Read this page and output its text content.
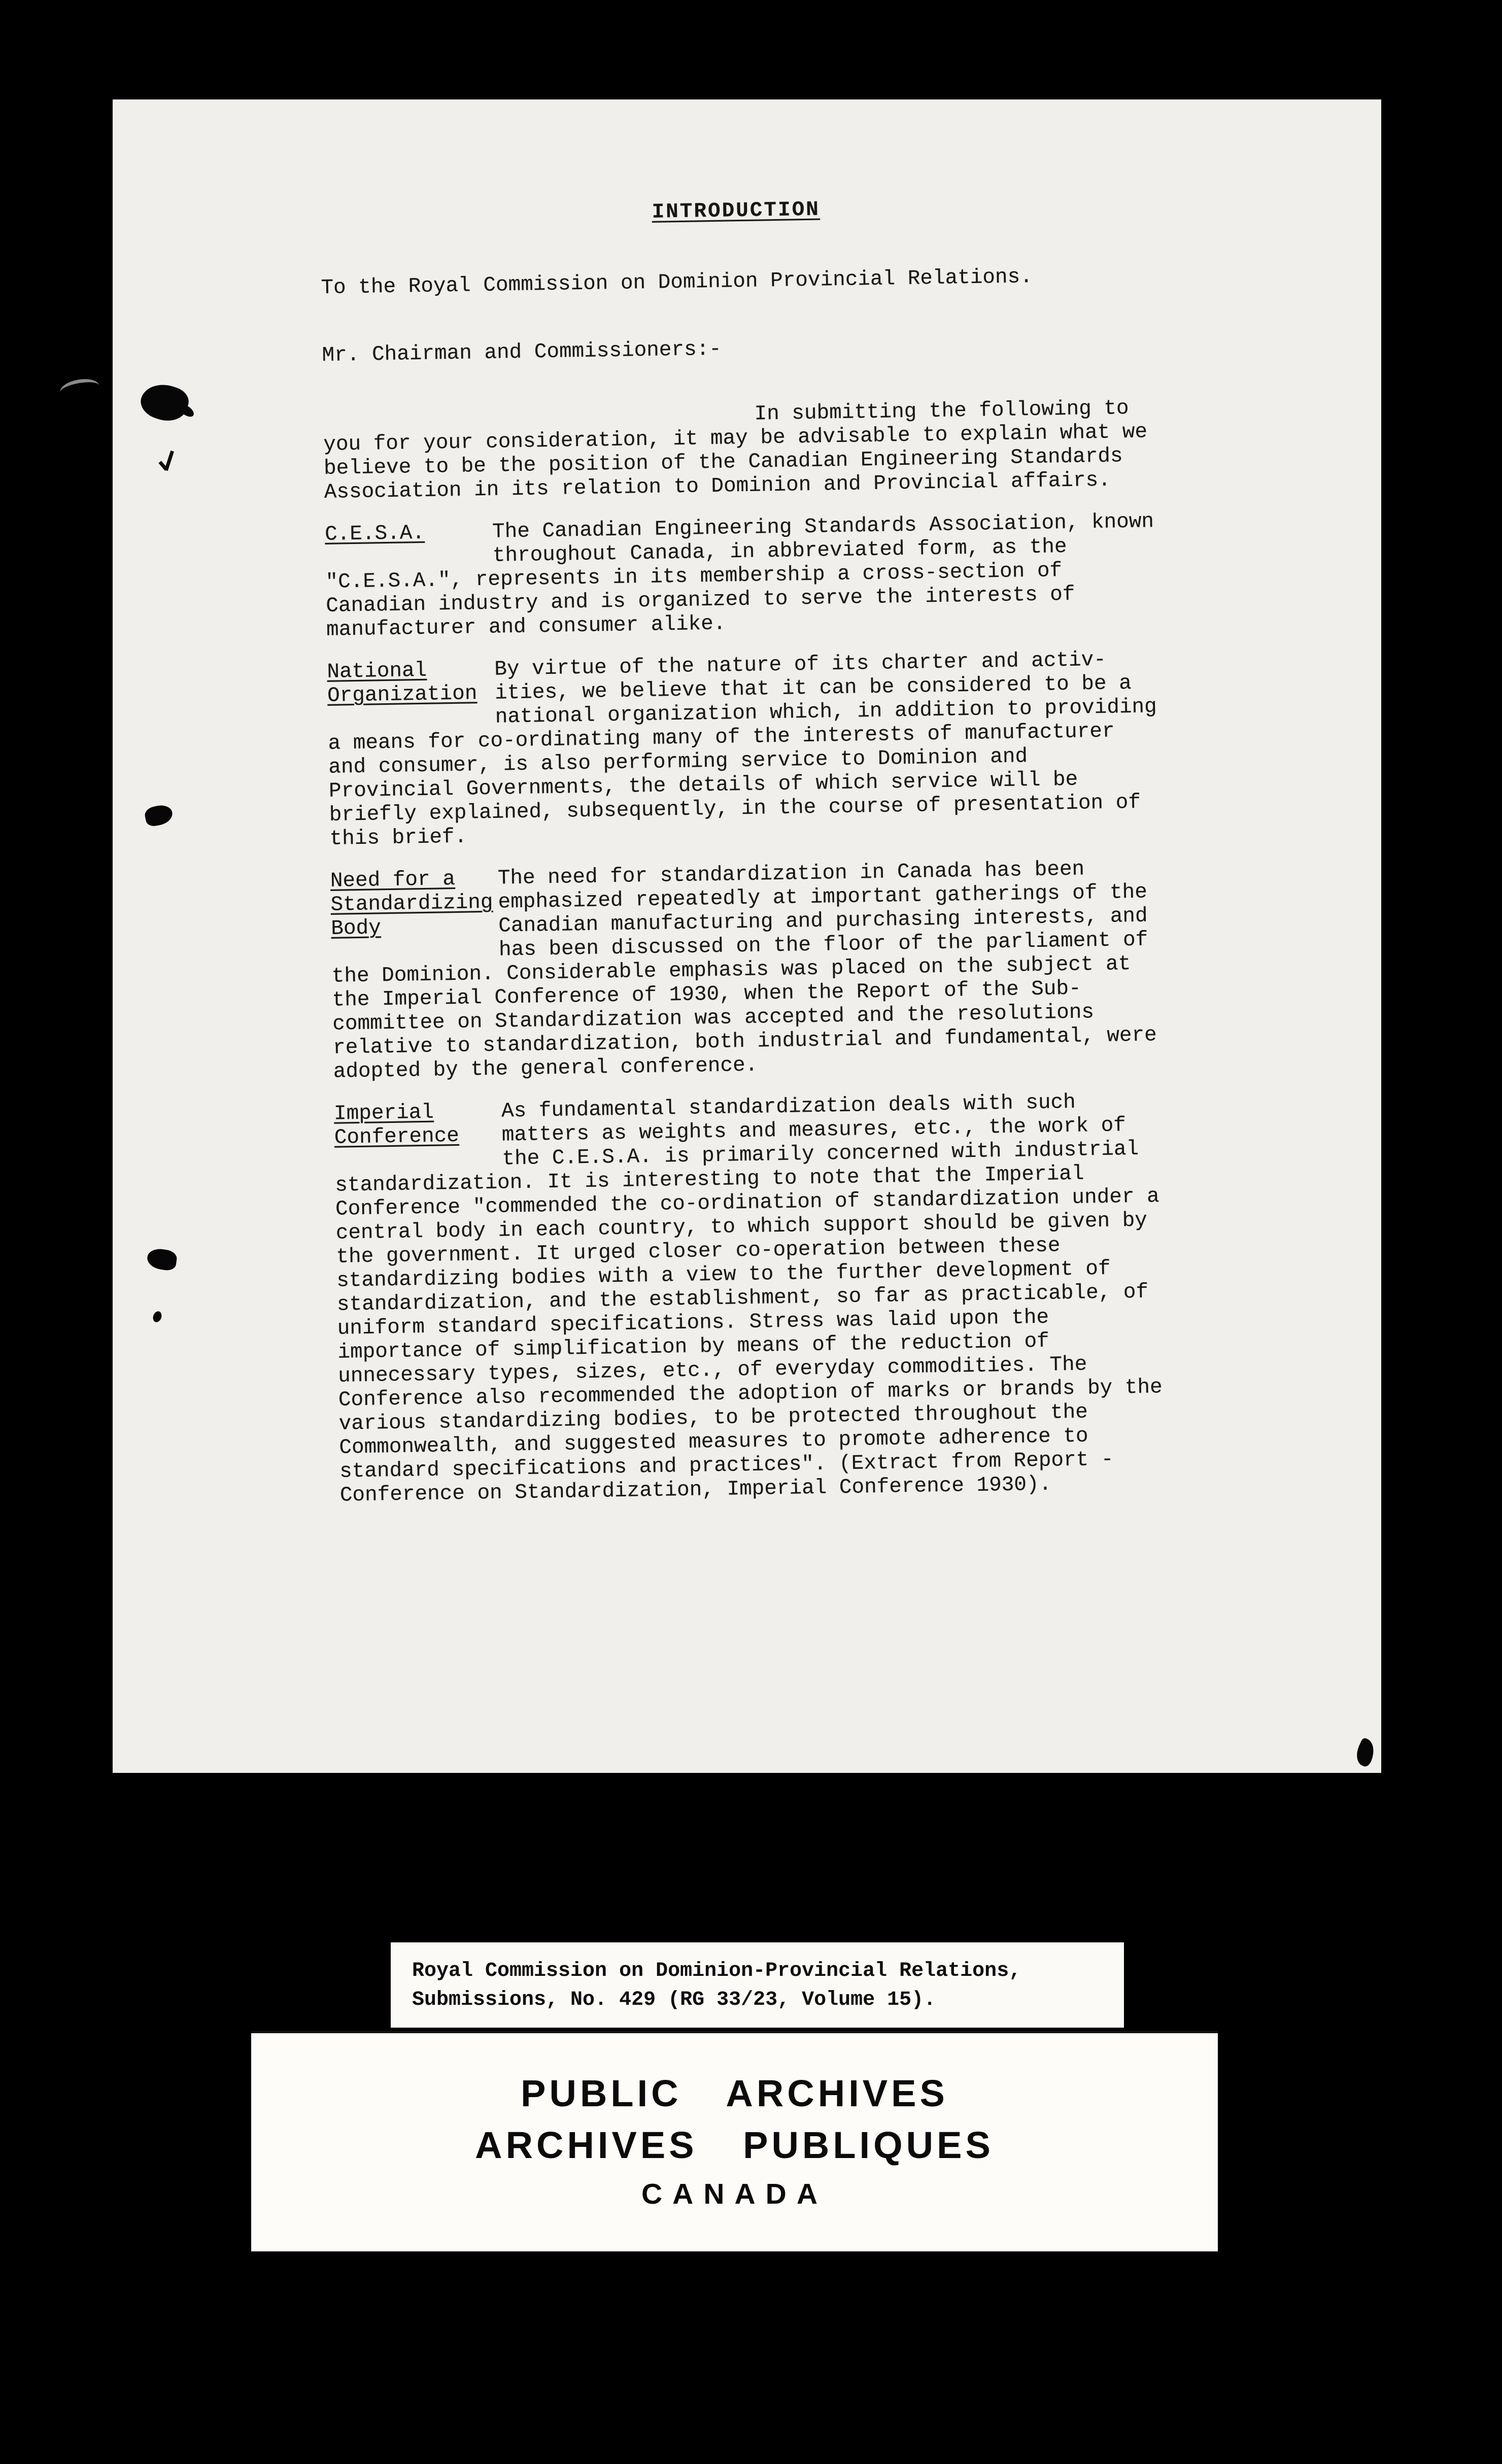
INTRODUCTION
To the Royal Commission on Dominion Provincial Relations.
Mr. Chairman and Commissioners:-
In submitting the following to you for your consideration, it may be advisable to explain what we believe to be the position of the Canadian Engineering Standards Association in its relation to Dominion and Provincial affairs.
C.E.S.A.	The Canadian Engineering Standards Association, known throughout Canada, in abbreviated form, as the "C.E.S.A.", represents in its membership a cross-section of Canadian industry and is organized to serve the interests of manufacturer and consumer alike.
National
Organization
By virtue of the nature of its charter and activ-ities, we believe that it can be considered to be a national organization which, in addition to providing a means for co-ordinating many of the interests of manufacturer and consumer, is also performing service to Dominion and Provincial Governments, the details of which service will be briefly explained, subsequently, in the course of presentation of this brief.
Need for a
Standardizing
Body
The need for standardization in Canada has been emphasized repeatedly at important gatherings of the Canadian manufacturing and purchasing interests, and has been discussed on the floor of the parliament of the Dominion. Considerable emphasis was placed on the subject at the Imperial Conference of 1930, when the Report of the Sub-committee on Standardization was accepted and the resolutions relative to standardization, both industrial and fundamental, were adopted by the general conference.
Imperial
Conference
As fundamental standardization deals with such matters as weights and measures, etc., the work of the C.E.S.A. is primarily concerned with industrial standardization. It is interesting to note that the Imperial Conference "commended the co-ordination of standardization under a central body in each country, to which support should be given by the government. It urged closer co-operation between these standardizing bodies with a view to the further development of standardization, and the establishment, so far as practicable, of uniform standard specifications. Stress was laid upon the importance of simplification by means of the reduction of unnecessary types, sizes, etc., of everyday commodities. The Conference also recommended the adoption of marks or brands by the various standardizing bodies, to be protected throughout the Commonwealth, and suggested measures to promote adherence to standard specifications and practices". (Extract from Report - Conference on Standardization, Imperial Conference 1930).
Royal Commission on Dominion-Provincial Relations,
Submissions, No. 429 (RG 33/23, Volume 15).
PUBLIC ARCHIVES
ARCHIVES PUBLIQUES
CANADA
